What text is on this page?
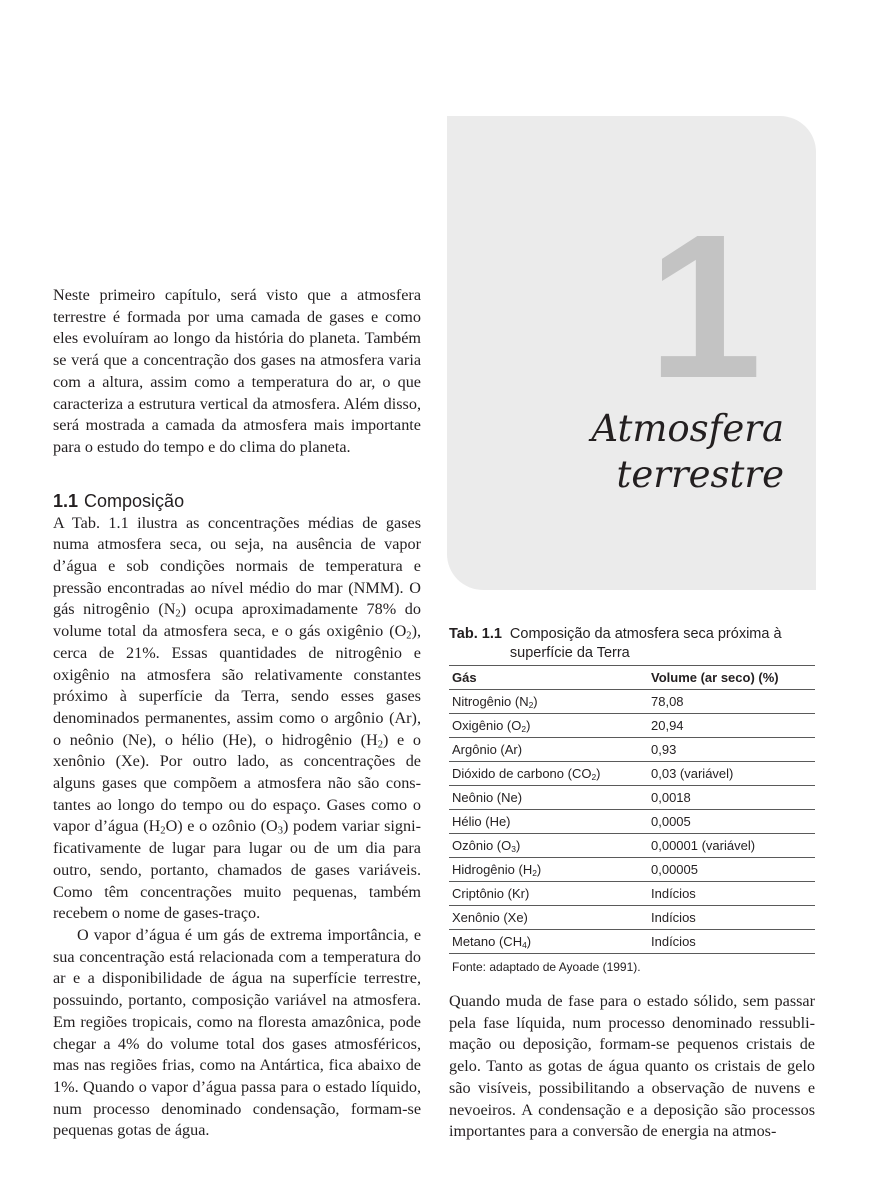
1
Atmosfera
terrestre

Neste primeiro capítulo, será visto que a atmosfera terrestre é formada por uma camada de gases e como eles evoluíram ao longo da história do planeta. Também se verá que a concentração dos gases na atmosfera varia com a altura, assim como a temperatura do ar, o que caracteriza a estrutura vertical da atmosfera. Além disso, será mostrada a camada da atmosfera mais importante para o estudo do tempo e do clima do planeta.

1.1 Composição

A Tab. 1.1 ilustra as concentrações médias de gases numa atmosfera seca, ou seja, na ausência de vapor d’água e sob condições normais de temperatura e pressão encontradas ao nível médio do mar (NMM). O gás nitrogênio $(N_2)$ ocupa aproximadamente 78% do volume total da atmosfera seca, e o gás oxigênio $(O_2)$, cerca de 21%. Essas quantidades de nitrogênio e oxigênio na atmosfera são relativamente constantes próximo à superfície da Terra, sendo esses gases denominados permanentes, assim como o argônio (Ar), o neônio (Ne), o hélio (He), o hidrogênio $(H_2)$ e o xenônio (Xe). Por outro lado, as concentrações de alguns gases que compõem a atmosfera não são constantes ao longo do tempo ou do espaço. Gases como o vapor d’água $(H_2O)$ e o ozônio $(O_3)$ podem variar significativamente de lugar para lugar ou de um dia para outro, sendo, portanto, chamados de gases variáveis. Como têm concentrações muito pequenas, também recebem o nome de gases-traço.

O vapor d’água é um gás de extrema importância, e sua concentração está relacionada com a temperatura do ar e a disponibilidade de água na superfície terrestre, possuindo, portanto, composição variável na atmosfera. Em regiões tropicais, como na floresta amazônica, pode chegar a 4% do volume total dos gases atmosféricos, mas nas regiões frias, como na Antártica, fica abaixo de 1%. Quando o vapor d’água passa para o estado líquido, num processo denominado condensação, formam-se pequenas gotas de água.

Tab. 1.1 Composição da atmosfera seca próxima à superfície da Terra
Gás	Volume (ar seco) (%)
Nitrogênio $(N_2)$	78,08
Oxigênio $(O_2)$	20,94
Argônio (Ar)	0,93
Dióxido de carbono $(CO_2)$	0,03 (variável)
Neônio (Ne)	0,0018
Hélio (He)	0,0005
Ozônio $(O_3)$	0,00001 (variável)
Hidrogênio $(H_2)$	0,00005
Criptônio (Kr)	Indícios
Xenônio (Xe)	Indícios
Metano $(CH_4)$	Indícios
Fonte: adaptado de Ayoade (1991).

Quando muda de fase para o estado sólido, sem passar pela fase líquida, num processo denominado ressublimação ou deposição, formam-se pequenos cristais de gelo. Tanto as gotas de água quanto os cristais de gelo são visíveis, possibilitando a observação de nuvens e nevoeiros. A condensação e a deposição são processos importantes para a conversão de energia na atmos-
